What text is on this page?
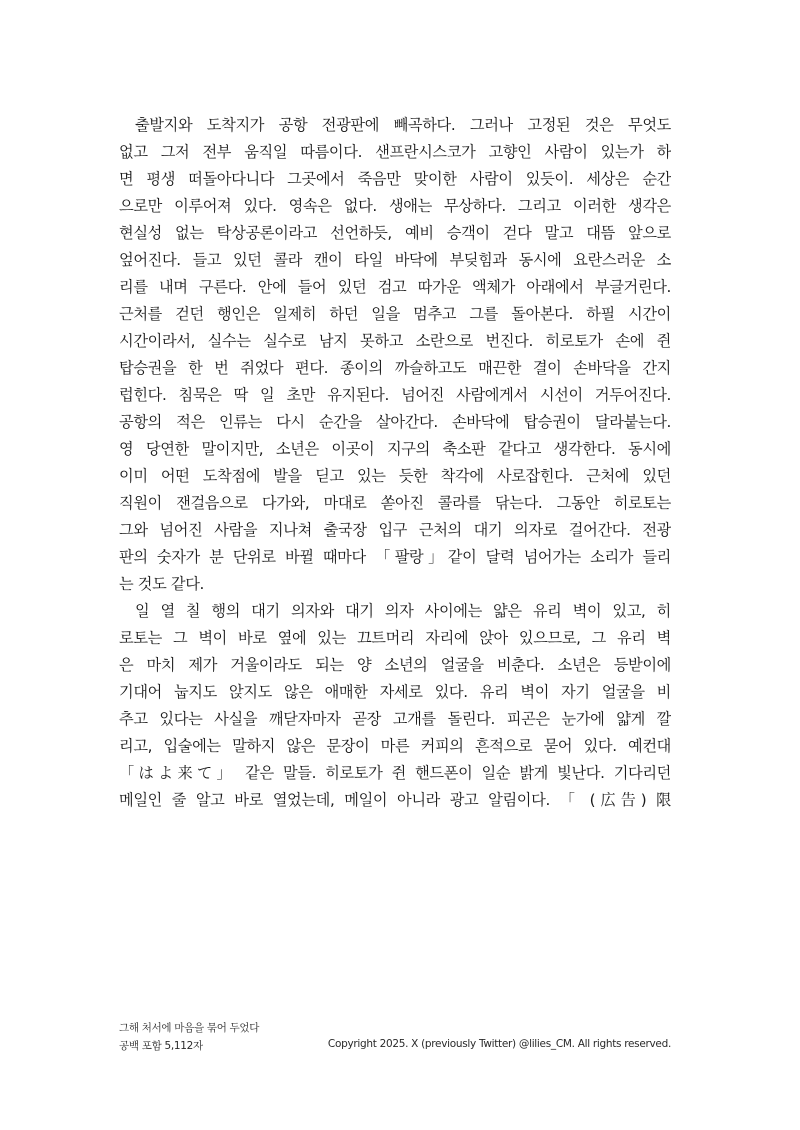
출발지와 도착지가 공항 전광판에 빼곡하다. 그러나 고정된 것은 무엇도
없고 그저 전부 움직일 따름이다. 샌프란시스코가 고향인 사람이 있는가 하
면 평생 떠돌아다니다 그곳에서 죽음만 맞이한 사람이 있듯이. 세상은 순간
으로만 이루어져 있다. 영속은 없다. 생애는 무상하다. 그리고 이러한 생각은
현실성 없는 탁상공론이라고 선언하듯, 예비 승객이 걷다 말고 대뜸 앞으로
엎어진다. 들고 있던 콜라 캔이 타일 바닥에 부딪힘과 동시에 요란스러운 소
리를 내며 구른다. 안에 들어 있던 검고 따가운 액체가 아래에서 부글거린다.
근처를 걷던 행인은 일제히 하던 일을 멈추고 그를 돌아본다. 하필 시간이
시간이라서, 실수는 실수로 남지 못하고 소란으로 번진다. 히로토가 손에 쥔
탑승권을 한 번 쥐었다 편다. 종이의 까슬하고도 매끈한 결이 손바닥을 간지
럽힌다. 침묵은 딱 일 초만 유지된다. 넘어진 사람에게서 시선이 거두어진다.
공항의 적은 인류는 다시 순간을 살아간다. 손바닥에 탑승권이 달라붙는다.
영 당연한 말이지만, 소년은 이곳이 지구의 축소판 같다고 생각한다. 동시에
이미 어떤 도착점에 발을 딛고 있는 듯한 착각에 사로잡힌다. 근처에 있던
직원이 잰걸음으로 다가와, 마대로 쏟아진 콜라를 닦는다. 그동안 히로토는
그와 넘어진 사람을 지나쳐 출국장 입구 근처의 대기 의자로 걸어간다. 전광
판의 숫자가 분 단위로 바뀔 때마다 「팔랑」같이 달력 넘어가는 소리가 들리
는 것도 같다.
일 열 칠 행의 대기 의자와 대기 의자 사이에는 얇은 유리 벽이 있고, 히
로토는 그 벽이 바로 옆에 있는 끄트머리 자리에 앉아 있으므로, 그 유리 벽
은 마치 제가 거울이라도 되는 양 소년의 얼굴을 비춘다. 소년은 등받이에
기대어 눕지도 앉지도 않은 애매한 자세로 있다. 유리 벽이 자기 얼굴을 비
추고 있다는 사실을 깨닫자마자 곧장 고개를 돌린다. 피곤은 눈가에 얇게 깔
리고, 입술에는 말하지 않은 문장이 마른 커피의 흔적으로 묻어 있다. 예컨대
「はよ来て」 같은 말들. 히로토가 쥔 핸드폰이 일순 밝게 빛난다. 기다리던
메일인 줄 알고 바로 열었는데, 메일이 아니라 광고 알림이다. 「 (広告) 限
그해 처서에 마음을 묶어 두었다
공백 포함 5,112자	Copyright 2025. X (previously Twitter) @lilies_CM. All rights reserved.
